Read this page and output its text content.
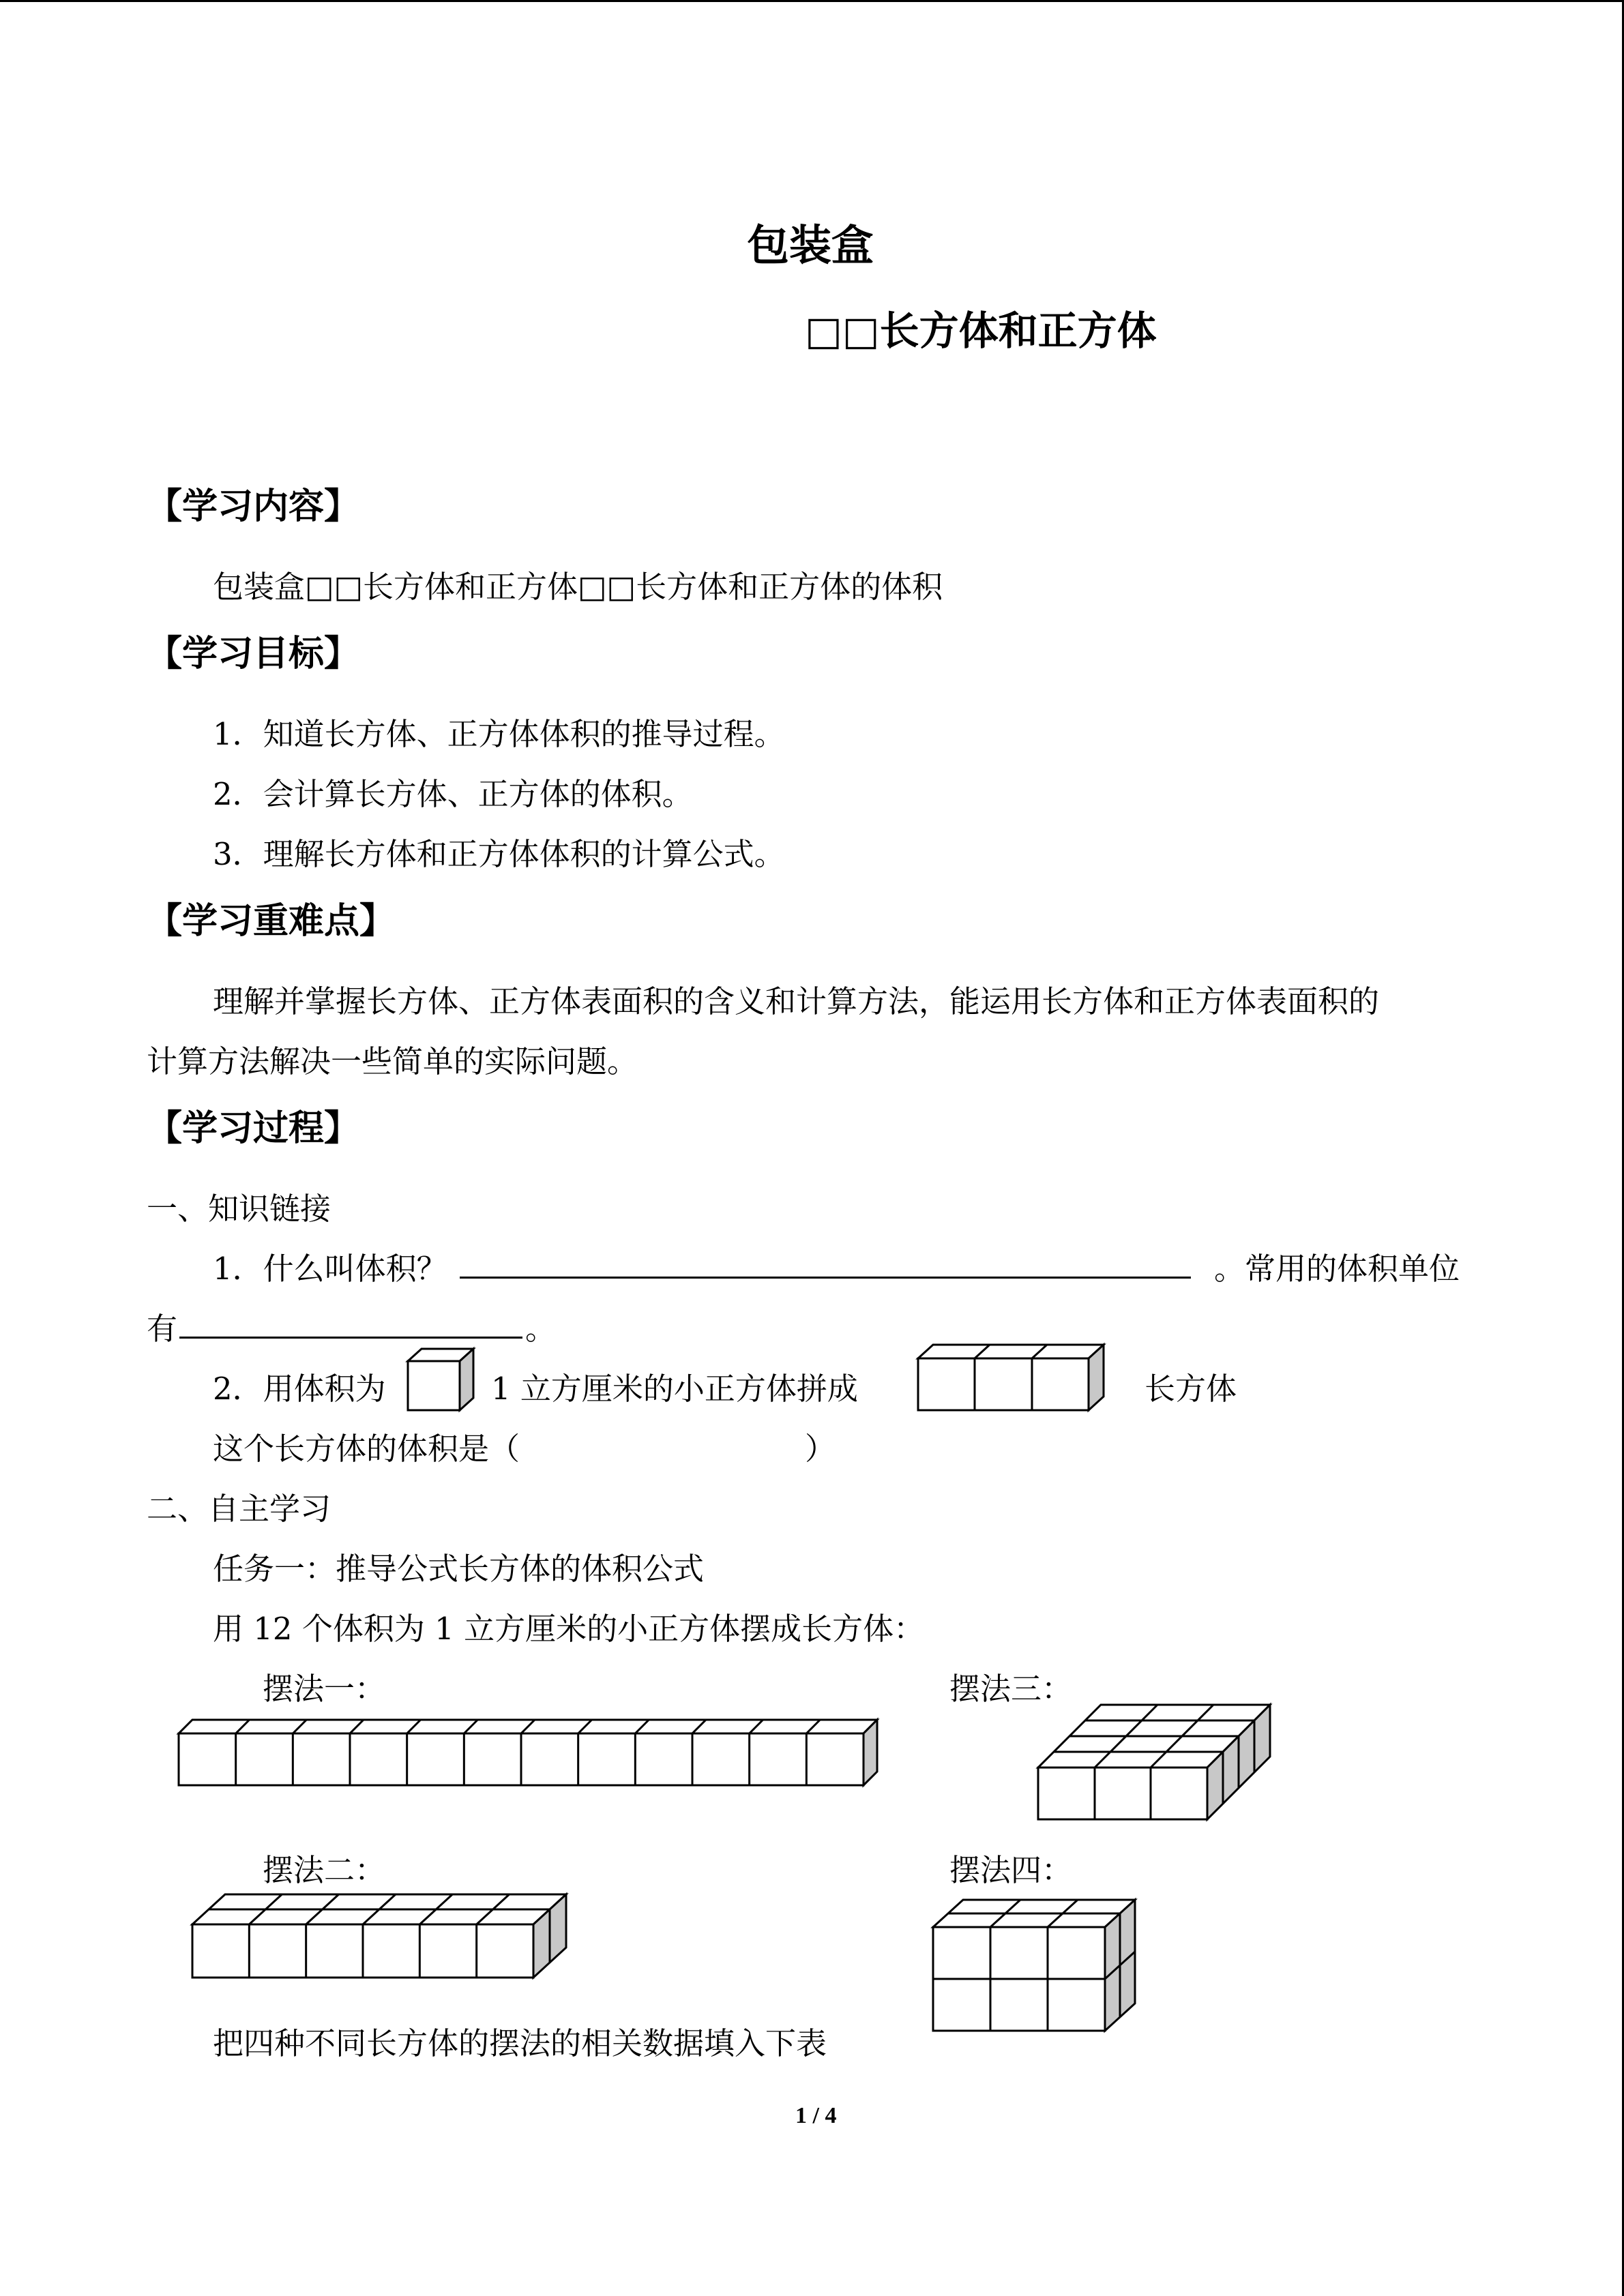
包装盒
□□长方体和正方体
【学习内容】
包装盒□□长方体和正方体□□长方体和正方体的体积
【学习目标】
1．知道长方体、正方体体积的推导过程。
2．会计算长方体、正方体的体积。
3．理解长方体和正方体体积的计算公式。
【学习重难点】
理解并掌握长方体、正方体表面积的含义和计算方法，能运用长方体和正方体表面积的
计算方法解决一些简单的实际问题。
【学习过程】
一、知识链接
1．什么叫体积？	。常用的体积单位
有	。
2．用体积为	1 立方厘米的小正方体拼成	长方体
这个长方体的体积是（	）
二、自主学习
任务一：推导公式长方体的体积公式
用 12 个体积为 1 立方厘米的小正方体摆成长方体：
摆法一：	摆法三：
摆法二：	摆法四：
把四种不同长方体的摆法的相关数据填入下表
1 / 4
